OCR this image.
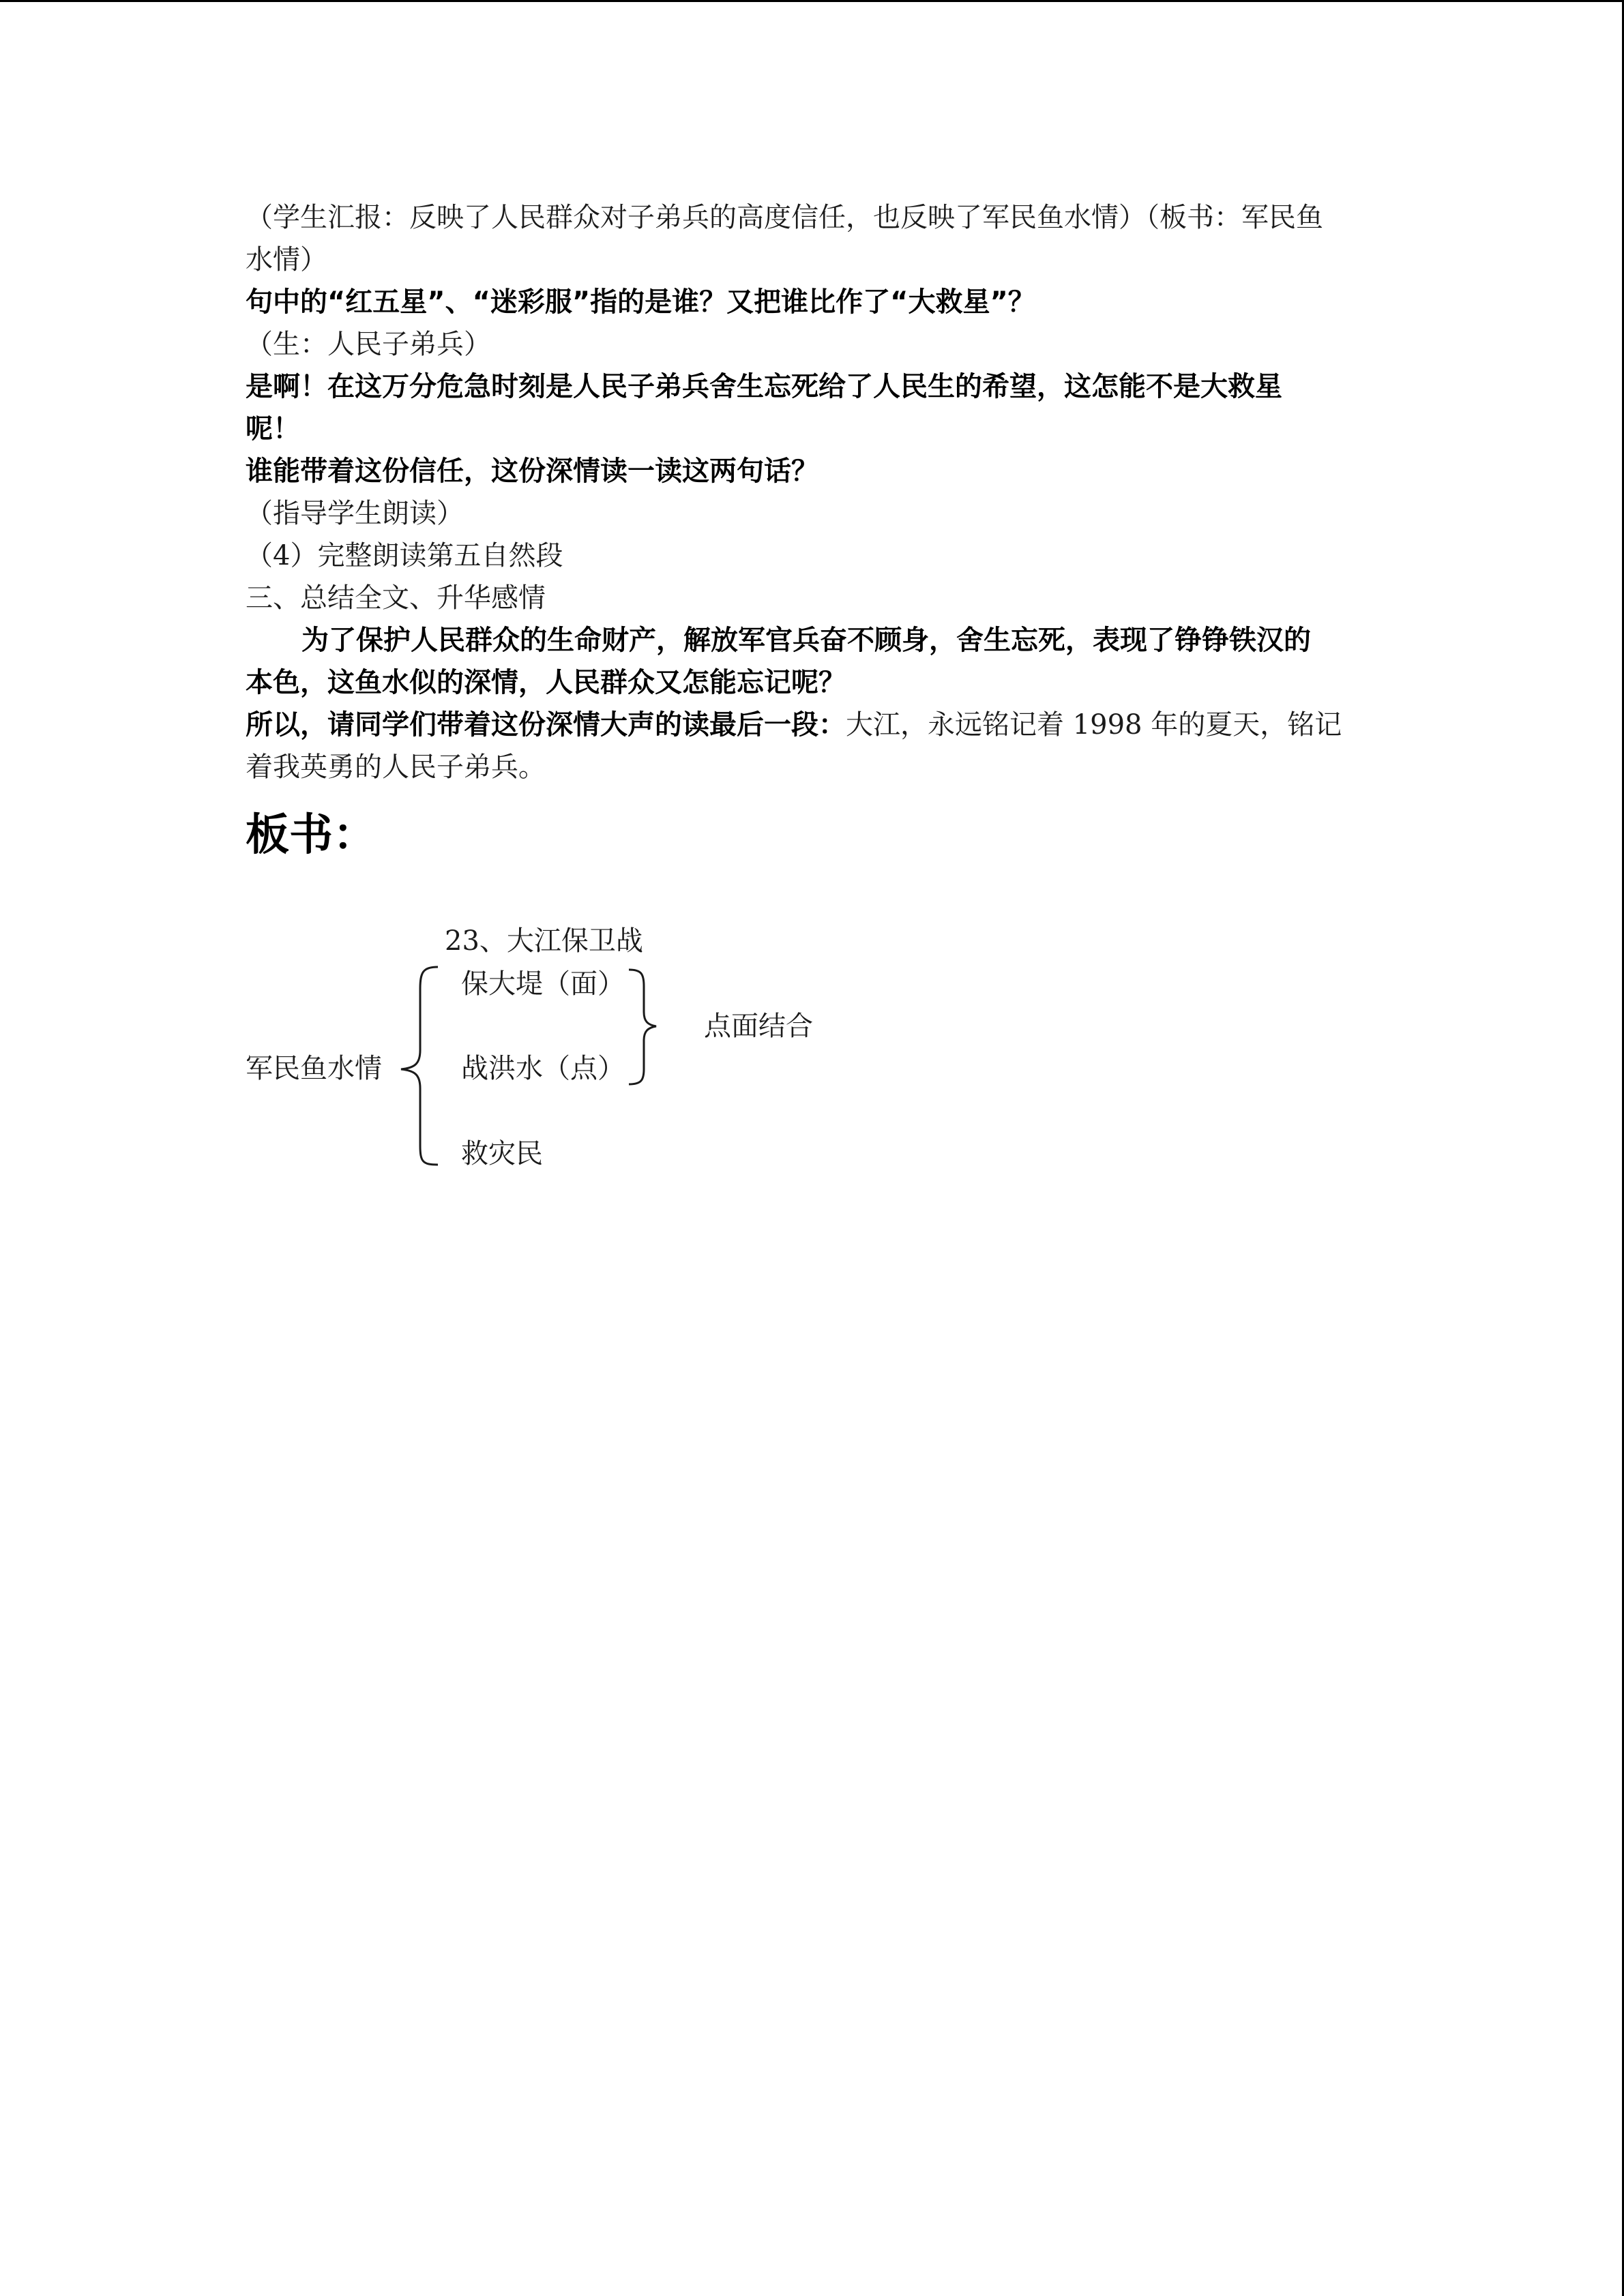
（学生汇报：反映了人民群众对子弟兵的高度信任，也反映了军民鱼水情）（板书：军民鱼
水情）
句中的“红五星”、“迷彩服”指的是谁？又把谁比作了“大救星”？
（生：人民子弟兵）
是啊！在这万分危急时刻是人民子弟兵舍生忘死给了人民生的希望，这怎能不是大救星
呢！
谁能带着这份信任，这份深情读一读这两句话？
（指导学生朗读）
（4）完整朗读第五自然段
三、总结全文、升华感情
为了保护人民群众的生命财产，解放军官兵奋不顾身，舍生忘死，表现了铮铮铁汉的
本色，这鱼水似的深情，人民群众又怎能忘记呢？
所以，请同学们带着这份深情大声的读最后一段：大江，永远铭记着 1998 年的夏天，铭记
着我英勇的人民子弟兵。
板书：
23、大江保卫战
军民鱼水情
保大堤（面）
战洪水（点）
救灾民
点面结合
